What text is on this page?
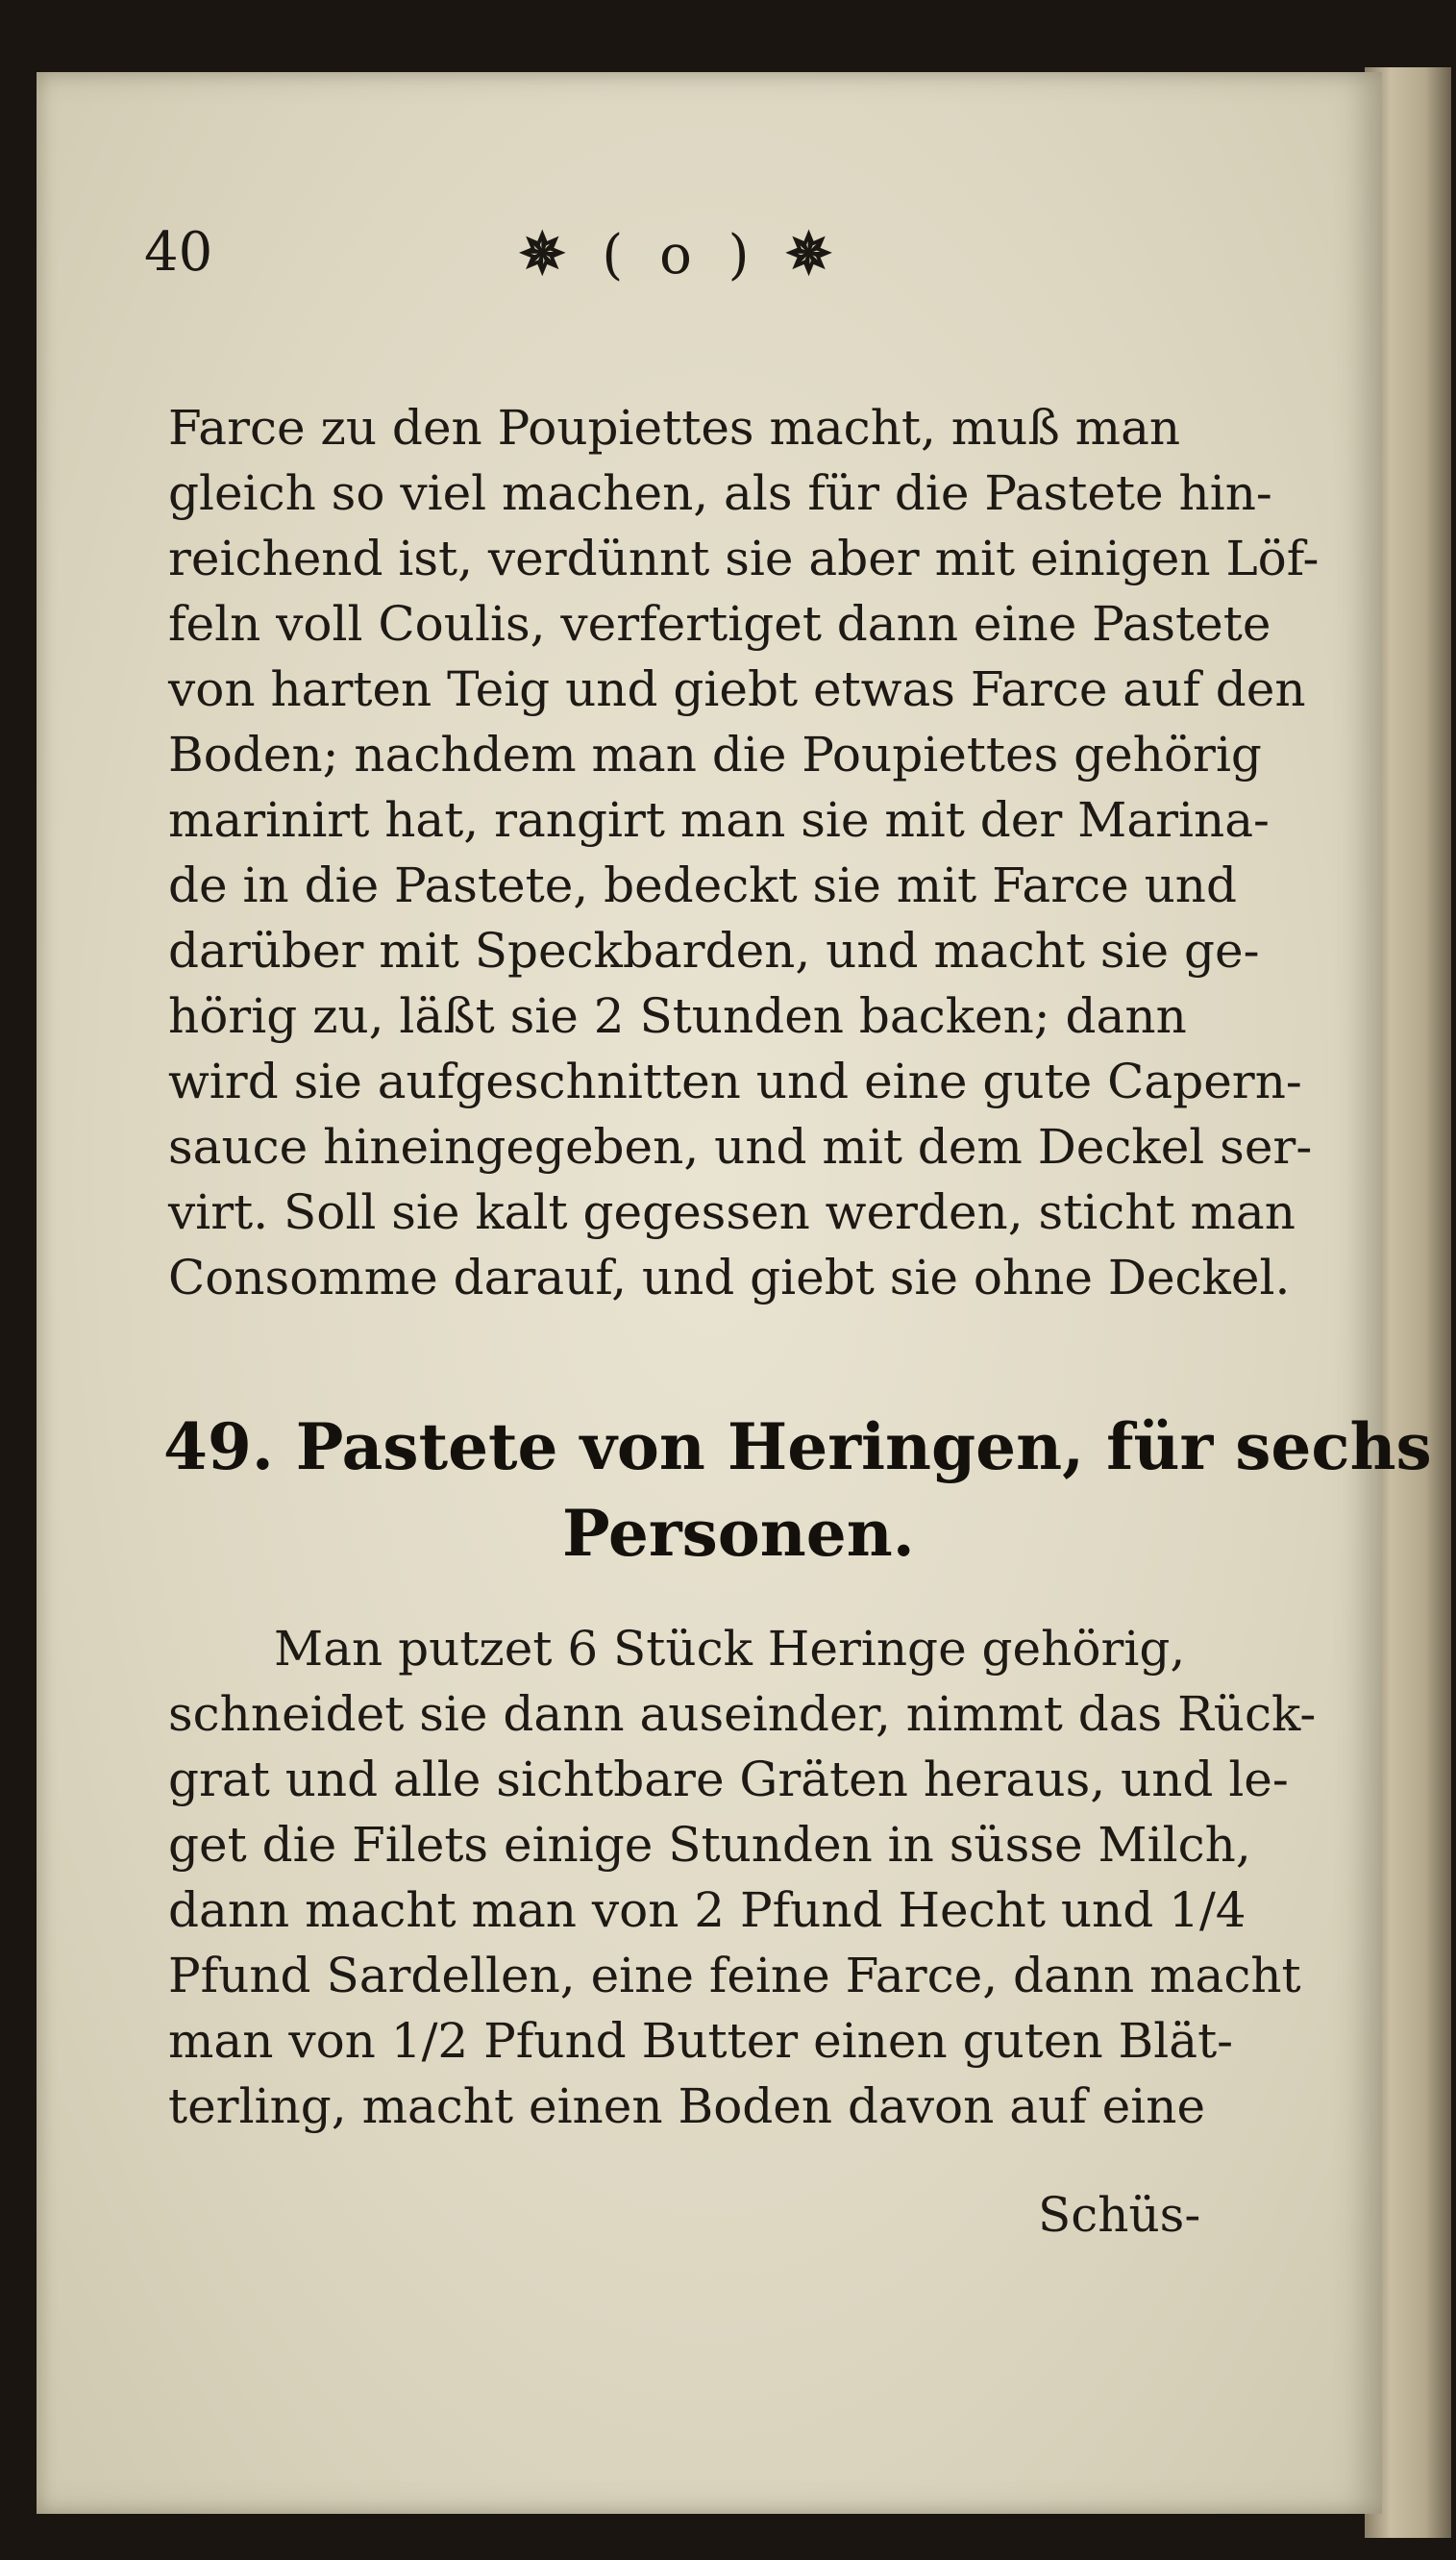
40	✵ ( o ) ✵
Farce zu den Poupiettes macht, muß man
gleich so viel machen, als für die Pastete hin-
reichend ist, verdünnt sie aber mit einigen Löf-
feln voll Coulis, verfertiget dann eine Pastete
von harten Teig und giebt etwas Farce auf den
Boden; nachdem man die Poupiettes gehörig
marinirt hat, rangirt man sie mit der Marina-
de in die Pastete, bedeckt sie mit Farce und
darüber mit Speckbarden, und macht sie ge-
hörig zu, läßt sie 2 Stunden backen; dann
wird sie aufgeschnitten und eine gute Capern-
sauce hineingegeben, und mit dem Deckel ser-
virt. Soll sie kalt gegessen werden, sticht man
Consomme darauf, und giebt sie ohne Deckel.
49. Pastete von Heringen, für sechs
Personen.
Man putzet 6 Stück Heringe gehörig,
schneidet sie dann auseinder, nimmt das Rück-
grat und alle sichtbare Gräten heraus, und le-
get die Filets einige Stunden in süsse Milch,
dann macht man von 2 Pfund Hecht und 1/4
Pfund Sardellen, eine feine Farce, dann macht
man von 1/2 Pfund Butter einen guten Blät-
terling, macht einen Boden davon auf eine
Schüs-
